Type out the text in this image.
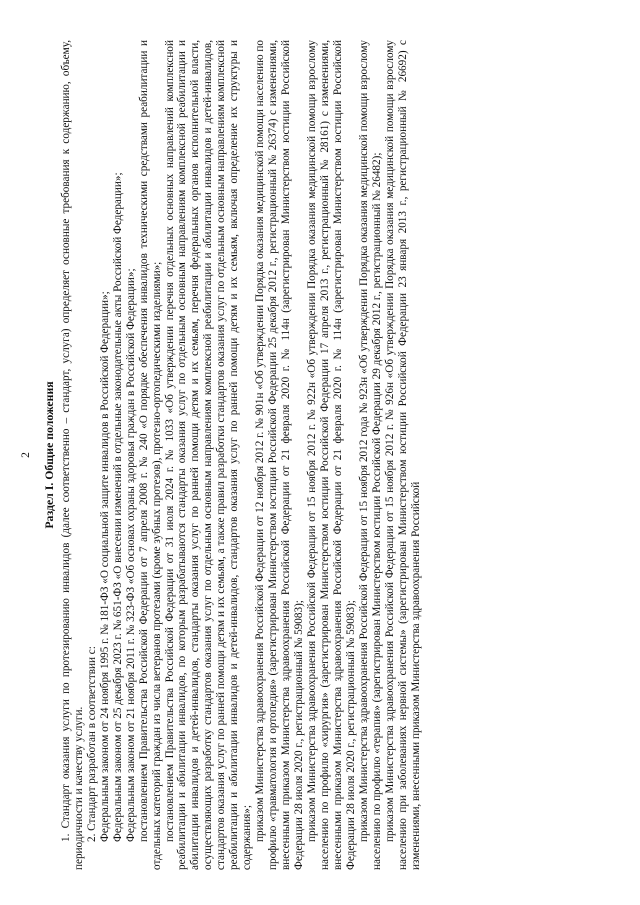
2 Раздел I. Общие положения 1. Стандарт оказания услуги по протезированию инвалидов (далее соответственно – стандарт, услуга) определяет основные требования к содержанию, объему, периодичности и качеству услуги. 2. Стандарт разработан в соответствии с: Федеральным законом от 24 ноября 1995 г. № 181-ФЗ «О социальной защите инвалидов в Российской Федерации»; Федеральным законом от 25 декабря 2023 г. № 651-ФЗ «О внесении изменений в отдельные законодательные акты Российской Федерации»; Федеральным законом от 21 ноября 2011 г. № 323-ФЗ «Об основах охраны здоровья граждан в Российской Федерации»; постановлением Правительства Российской Федерации от 7 апреля 2008 г. № 240 «О порядке обеспечения инвалидов техническими средствами реабилитации и отдельных категорий граждан из числа ветеранов протезами (кроме зубных протезов), протезно-ортопедическими изделиями»; постановлением Правительства Российской Федерации от 31 июля 2024 г. № 1033 «Об утверждении перечня отдельных основных направлений комплексной реабилитации и абилитации инвалидов, по которым разрабатываются стандарты оказания услуг по отдельным основным направлениям комплексной реабилитации и абилитации инвалидов и детей-инвалидов, стандарты оказания услуг по ранней помощи детям и их семьям, перечня федеральных органов исполнительной власти, осуществляющих разработку стандартов оказания услуг по отдельным основным направлениям комплексной реабилитации и абилитации инвалидов и детей-инвалидов, стандартов оказания услуг по ранней помощи детям и их семьям, а также правил разработки стандартов оказания услуг по отдельным основным направлениям комплексной реабилитации и абилитации инвалидов и детей-инвалидов, стандартов оказания услуг по ранней помощи детям и их семьям, включая определение их структуры и содержания»; приказом Министерства здравоохранения Российской Федерации от 12 ноября 2012 г. № 901н «Об утверждении Порядка оказания медицинской помощи населению по профилю «травматология и ортопедия» (зарегистрирован Министерством юстиции Российской Федерации 25 декабря 2012 г., регистрационный № 26374) с изменениями, внесенными приказом Министерства здравоохранения Российской Федерации от 21 февраля 2020 г. № 114н (зарегистрирован Министерством юстиции Российской Федерации 28 июля 2020 г., регистрационный № 59083); приказом Министерства здравоохранения Российской Федерации от 15 ноября 2012 г. № 922н «Об утверждении Порядка оказания медицинской помощи взрослому населению по профилю «хирургия» (зарегистрирован Министерством юстиции Российской Федерации 17 апреля 2013 г., регистрационный № 28161) с изменениями, внесенными приказом Министерства здравоохранения Российской Федерации от 21 февраля 2020 г. № 114н (зарегистрирован Министерством юстиции Российской Федерации 28 июля 2020 г., регистрационный № 59083); приказом Министерства здравоохранения Российской Федерации от 15 ноября 2012 года № 923н «Об утверждении Порядка оказания медицинской помощи взрослому населению по профилю «терапия» (зарегистрирован Министерством юстиции Российской Федерации 29 декабря 2012 г., регистрационный № 26482); приказом Министерства здравоохранения Российской Федерации от 15 ноября 2012 г. № 926н «Об утверждении Порядка оказания медицинской помощи взрослому населению при заболеваниях нервной системы» (зарегистрирован Министерством юстиции Российской Федерации 23 января 2013 г., регистрационный № 26692) с изменениями, внесенными приказом Министерства здравоохранения Российской
